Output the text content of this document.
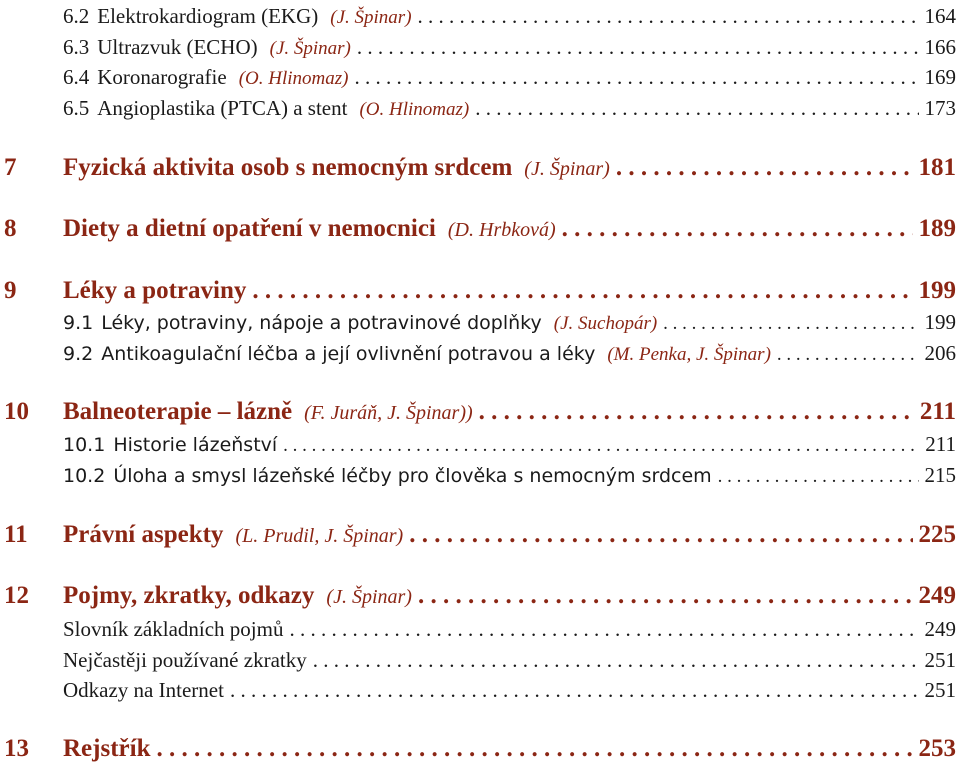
6.2 Elektrokardiogram (EKG) (J. Špinar) . . .	164
6.3 Ultrazvuk (ECHO) (J. Špinar) . . .	166
6.4 Koronarografie (O. Hlinomaz) . . .	169
6.5 Angioplastika (PTCA) a stent (O. Hlinomaz) . . .	173
7	Fyzická aktivita osob s nemocným srdcem (J. Špinar) . . .	181
8	Diety a dietní opatření v nemocnici (D. Hrbková) . . .	189
9	Léky a potraviny . . .	199
9.1 Léky, potraviny, nápoje a potravinové doplňky (J. Suchopár) . . .	199
9.2 Antikoagulační léčba a její ovlivnění potravou a léky (M. Penka, J. Špinar) . . .	206
10	Balneoterapie – lázně (F. Juráň, J. Špinar)) . . .	211
10.1 Historie lázeňství . . .	211
10.2 Úloha a smysl lázeňské léčby pro člověka s nemocným srdcem . . .	215
11	Právní aspekty (L. Prudil, J. Špinar) . . .	225
12	Pojmy, zkratky, odkazy (J. Špinar) . . .	249
Slovník základních pojmů . . .	249
Nejčastěji používané zkratky . . .	251
Odkazy na Internet . . .	251
13	Rejstřík . . .	253
